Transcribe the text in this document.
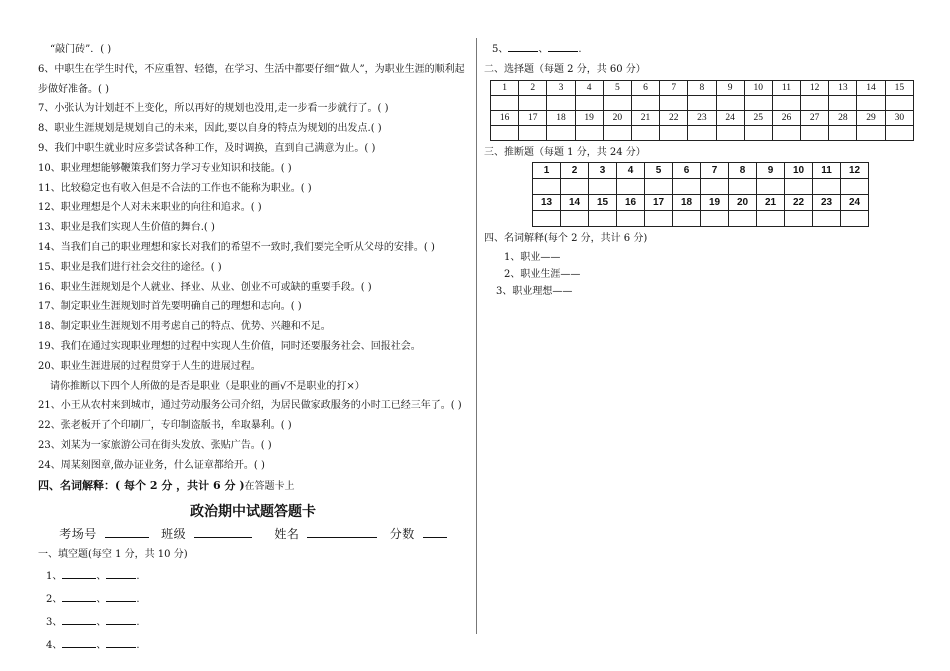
“敲门砖”．( )
6、中职生在学生时代，不应重智、轻德，在学习、生活中都要仔细“做人”，为职业生涯的顺利起步做好准备。( )
7、小张认为计划赶不上变化，所以再好的规划也没用,走一步看一步就行了。( )
8、职业生涯规划是规划自己的未来，因此,要以自身的特点为规划的出发点.( )
9、我们中职生就业时应多尝试各种工作，及时调换，直到自己满意为止。( )
10、职业理想能够鞭策我们努力学习专业知识和技能。( )
11、比较稳定也有收入但是不合法的工作也不能称为职业。( )
12、职业理想是个人对未来职业的向往和追求。( )
13、职业是我们实现人生价值的舞台.( )
14、当我们自己的职业理想和家长对我们的希望不一致时,我们要完全听从父母的安排。( )
15、职业是我们进行社会交往的途径。( )
16、职业生涯规划是个人就业、择业、从业、创业不可或缺的重要手段。( )
17、制定职业生涯规划时首先要明确自己的理想和志向。( )
18、制定职业生涯规划不用考虑自己的特点、优势、兴趣和不足。
19、我们在通过实现职业理想的过程中实现人生价值，同时还要服务社会、回报社会。
20、职业生涯进展的过程贯穿于人生的进展过程。
请你推断以下四个人所做的是否是职业（是职业的画√不是职业的打×）
21、小王从农村来到城市，通过劳动服务公司介绍，为居民做家政服务的小时工已经三年了。( )
22、张老板开了个印刷厂，专印制盗版书，牟取暴利。( )
23、刘某为一家旅游公司在街头发放、张贴广告。( )
24、周某刻图章,做办证业务，什么证章都给开。( )
四、名词解释：( 每个 2 分 ，共计 6 分 )在答题卡上
政治期中试题答题卡
考场号	班级	姓名	分数
一、填空题(每空 1 分，共 10 分)
1、	、	.
2、	、	.
3、	、	.
4、	、	.
5、	、	.
二、选择题（每题 2 分，共 60 分）
1	2	3	4	5	6	7	8	9	10	11	12	13	14	15

16	17	18	19	20	21	22	23	24	25	26	27	28	29	30

三、推断题（每题 1 分，共 24 分）
1	2	3	4	5	6	7	8	9	10	11	12

13	14	15	16	17	18	19	20	21	22	23	24

四、名词解释(每个 2 分，共计 6 分)
1、职业——
2、职业生涯——
3、职业理想——
